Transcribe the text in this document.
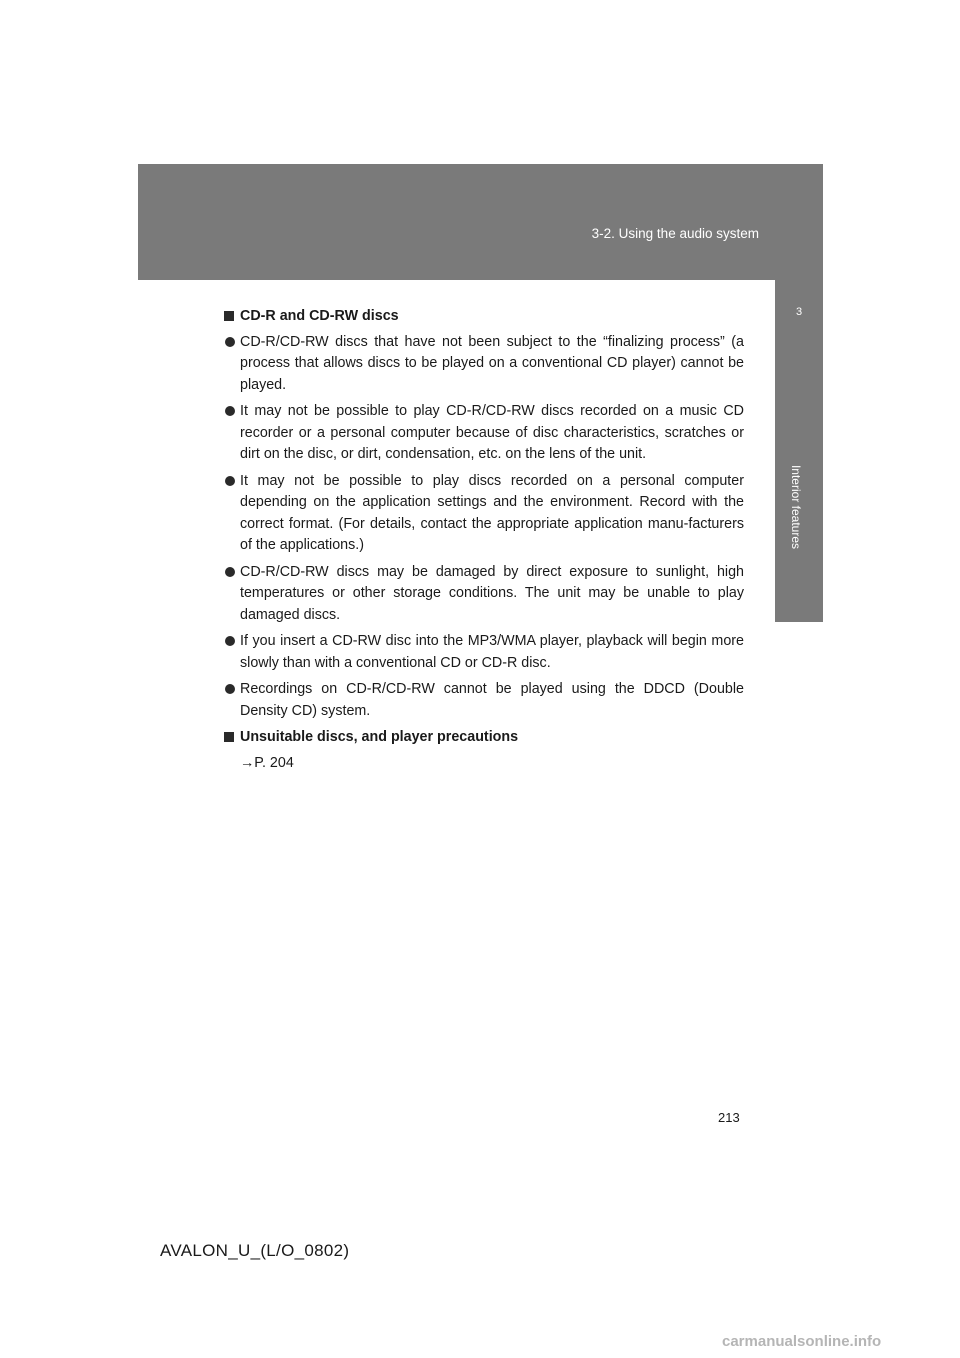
3-2. Using the audio system
3
Interior features
CD-R and CD-RW discs
CD-R/CD-RW discs that have not been subject to the “finalizing process” (a process that allows discs to be played on a conventional CD player) cannot be played.
It may not be possible to play CD-R/CD-RW discs recorded on a music CD recorder or a personal computer because of disc characteristics, scratches or dirt on the disc, or dirt, condensation, etc. on the lens of the unit.
It may not be possible to play discs recorded on a personal computer depending on the application settings and the environment. Record with the correct format. (For details, contact the appropriate application manu-facturers of the applications.)
CD-R/CD-RW discs may be damaged by direct exposure to sunlight, high temperatures or other storage conditions. The unit may be unable to play damaged discs.
If you insert a CD-RW disc into the MP3/WMA player, playback will begin more slowly than with a conventional CD or CD-R disc.
Recordings on CD-R/CD-RW cannot be played using the DDCD (Double Density CD) system.
Unsuitable discs, and player precautions
→P. 204
213
AVALON_U_(L/O_0802)
carmanualsonline.info
